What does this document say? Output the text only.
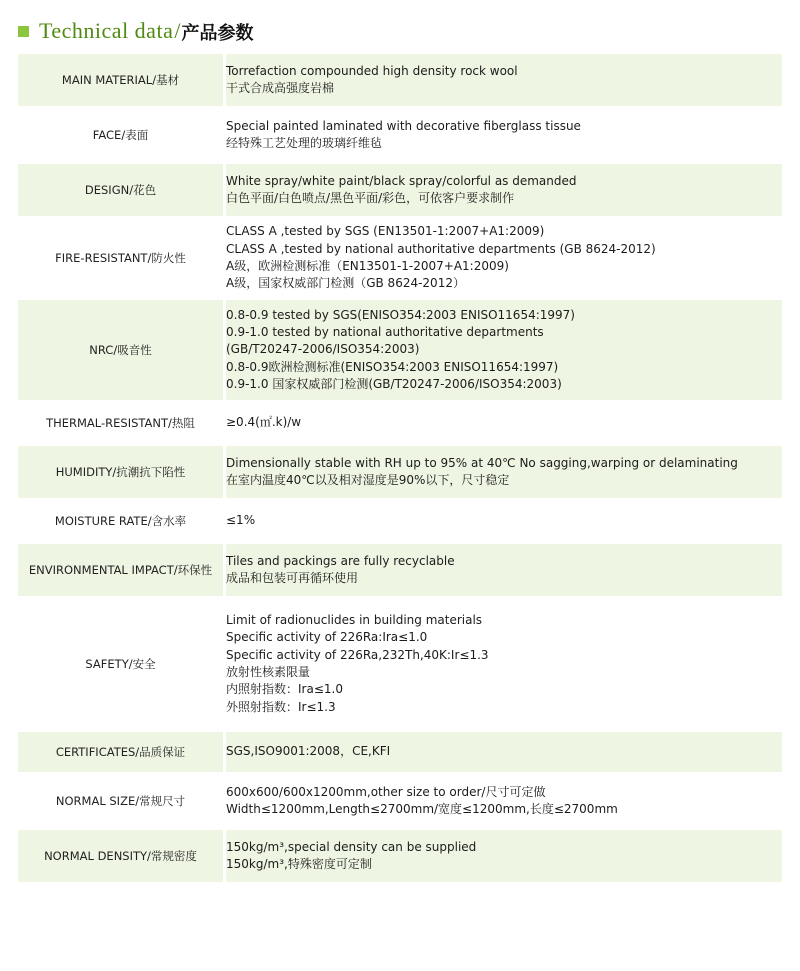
Technical data / 产品参数
MAIN MATERIAL/基材	Torrefaction compounded high density rock wool
干式合成高强度岩棉

FACE/表面	Special painted laminated with decorative fiberglass tissue
经特殊工艺处理的玻璃纤维毡

DESIGN/花色	White spray/white paint/black spray/colorful as demanded
白色平面/白色喷点/黑色平面/彩色，可依客户要求制作

FIRE-RESISTANT/防火性	CLASS A ,tested by SGS (EN13501-1:2007+A1:2009)
CLASS A ,tested by national authoritative departments (GB 8624-2012)
A级，欧洲检测标准（EN13501-1-2007+A1:2009)
A级，国家权威部门检测（GB 8624-2012）

NRC/吸音性	0.8-0.9 tested by SGS(ENISO354:2003 ENISO11654:1997)
0.9-1.0 tested by national authoritative departments
(GB/T20247-2006/ISO354:2003)
0.8-0.9欧洲检测标准(ENISO354:2003 ENISO11654:1997)
0.9-1.0 国家权威部门检测(GB/T20247-2006/ISO354:2003)

THERMAL-RESISTANT/热阻	≥0.4(㎡.k)/w

HUMIDITY/抗潮抗下陷性	Dimensionally stable with RH up to 95% at 40℃ No sagging,warping or delaminating
在室内温度40℃以及相对湿度是90%以下，尺寸稳定

MOISTURE RATE/含水率	≤1%

ENVIRONMENTAL IMPACT/环保性	Tiles and packings are fully recyclable
成品和包装可再循环使用

SAFETY/安全	
Limit of radionuclides in building materials
Specific activity of 226Ra:Ira≤1.0
Specific activity of 226Ra,232Th,40K:Ir≤1.3
放射性核素限量
内照射指数：Ira≤1.0
外照射指数：Ir≤1.3

CERTIFICATES/品质保证	SGS,ISO9001:2008，CE,KFI

NORMAL SIZE/常规尺寸	600x600/600x1200mm,other size to order/尺寸可定做
Width≤1200mm,Length≤2700mm/宽度≤1200mm,长度≤2700mm

NORMAL DENSITY/常规密度	150kg/m³,special density can be supplied
150kg/m³,特殊密度可定制
